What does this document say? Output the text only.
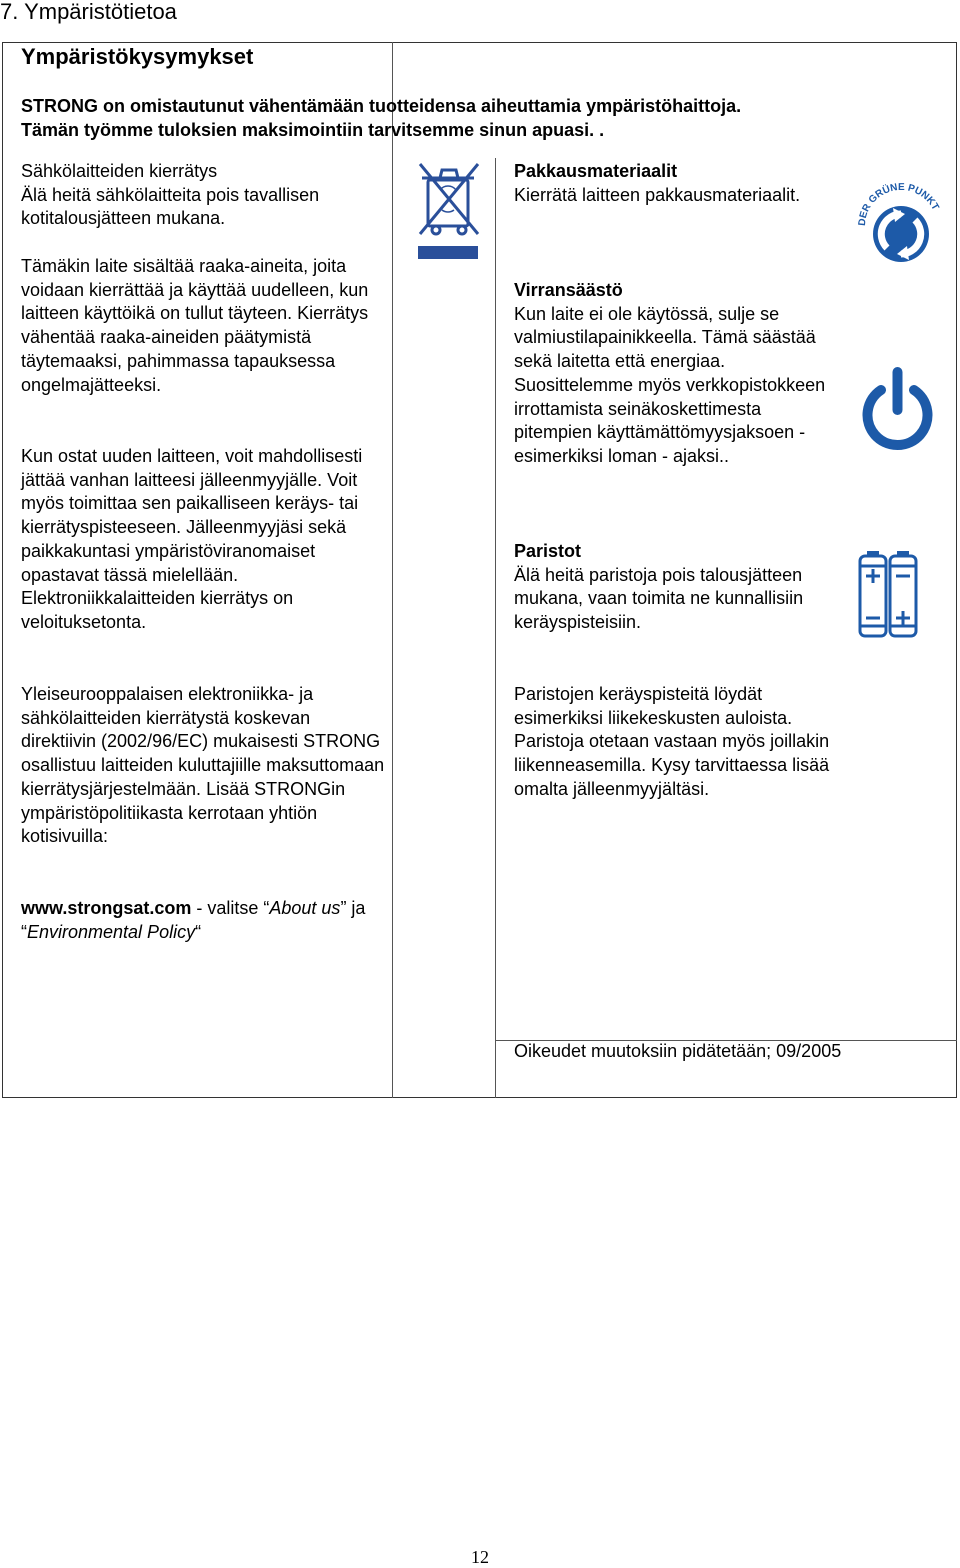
7. Ympäristötietoa
Ympäristökysymykset
STRONG on omistautunut vähentämään tuotteidensa aiheuttamia ympäristöhaittoja.
Tämän työmme tuloksien maksimointiin tarvitsemme sinun apuasi. .
Sähkölaitteiden kierrätys
Älä heitä sähkölaitteita pois tavallisen kotitalousjätteen mukana.
Tämäkin laite sisältää raaka-aineita, joita voidaan kierrättää ja käyttää uudelleen, kun laitteen käyttöikä on tullut täyteen. Kierrätys vähentää raaka-aineiden päätymistä täytemaaksi, pahimmassa tapauksessa ongelmajätteeksi.
Kun ostat uuden laitteen, voit mahdollisesti jättää vanhan laitteesi jälleenmyyjälle. Voit myös toimittaa sen paikalliseen keräys- tai kierrätyspisteeseen. Jälleenmyyjäsi sekä paikkakuntasi ympäristöviranomaiset opastavat tässä mielellään. Elektroniikkalaitteiden kierrätys on veloituksetonta.
Yleiseurooppalaisen elektroniikka- ja sähkölaitteiden kierrätystä koskevan direktiivin (2002/96/EC) mukaisesti STRONG osallistuu laitteiden kuluttajiille maksuttomaan kierrätysjärjestelmään. Lisää STRONGin ympäristöpolitiikasta kerrotaan yhtiön kotisivuilla:
www.strongsat.com - valitse “About us” ja “Environmental Policy“
Pakkausmateriaalit
Kierrätä laitteen pakkausmateriaalit.
Virransäästö
Kun laite ei ole käytössä, sulje se valmiustilapainikkeella. Tämä säästää sekä laitetta että energiaa. Suosittelemme myös verkkopistokkeen irrottamista seinäkoskettimesta pitempien käyttämättömyysjaksoen - esimerkiksi loman - ajaksi..
Paristot
Älä heitä paristoja pois talousjätteen mukana, vaan toimita ne kunnallisiin keräyspisteisiin.
Paristojen keräyspisteitä löydät esimerkiksi liikekeskusten auloista. Paristoja otetaan vastaan myös joillakin liikenneasemilla. Kysy tarvittaessa lisää omalta jälleenmyyjältäsi.
DER GRÜNE PUNKT
Oikeudet muutoksiin pidätetään; 09/2005
12
